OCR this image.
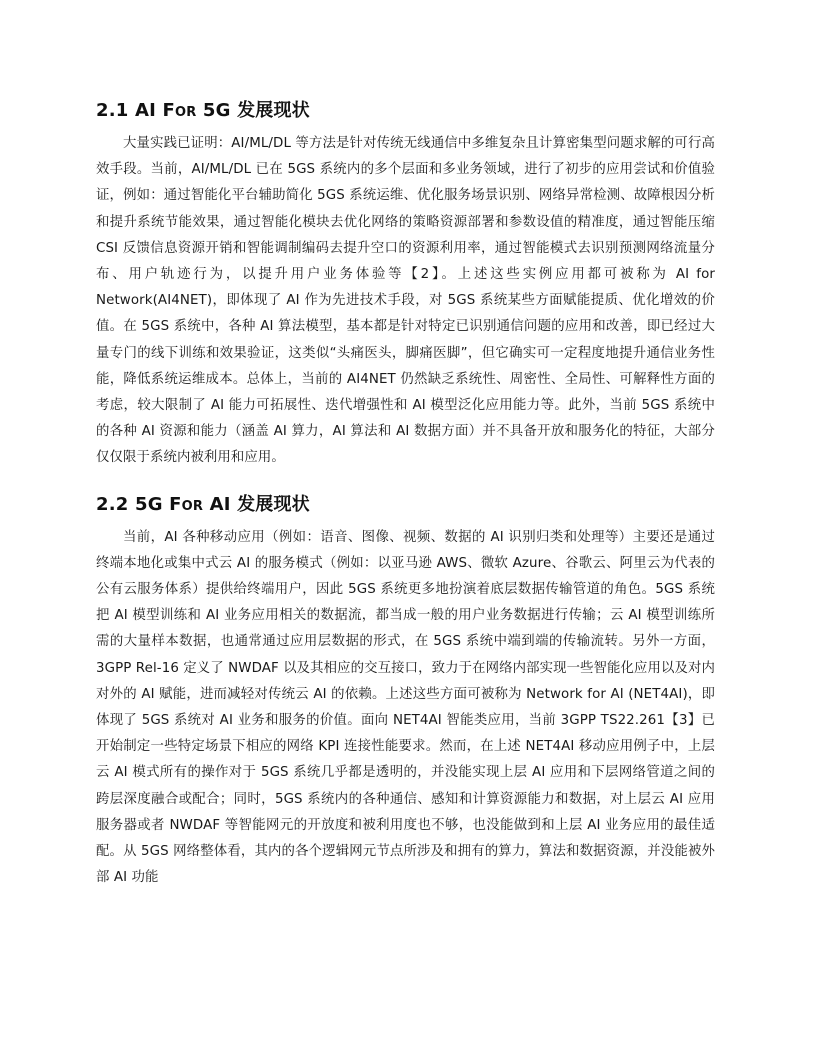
2.1 AI For 5G 发展现状

大量实践已证明：AI/ML/DL 等方法是针对传统无线通信中多维复杂且计算密集型问题求解的可行高效手段。当前，AI/ML/DL 已在 5GS 系统内的多个层面和多业务领域，进行了初步的应用尝试和价值验证，例如：通过智能化平台辅助简化 5GS 系统运维、优化服务场景识别、网络异常检测、故障根因分析和提升系统节能效果，通过智能化模块去优化网络的策略资源部署和参数设值的精准度，通过智能压缩 CSI 反馈信息资源开销和智能调制编码去提升空口的资源利用率，通过智能模式去识别预测网络流量分布、用户轨迹行为，以提升用户业务体验等【2】。上述这些实例应用都可被称为 AI for Network(AI4NET)，即体现了 AI 作为先进技术手段，对 5GS 系统某些方面赋能提质、优化增效的价值。在 5GS 系统中，各种 AI 算法模型，基本都是针对特定已识别通信问题的应用和改善，即已经过大量专门的线下训练和效果验证，这类似“头痛医头，脚痛医脚”，但它确实可一定程度地提升通信业务性能，降低系统运维成本。总体上，当前的 AI4NET 仍然缺乏系统性、周密性、全局性、可解释性方面的考虑，较大限制了 AI 能力可拓展性、迭代增强性和 AI 模型泛化应用能力等。此外，当前 5GS 系统中的各种 AI 资源和能力（涵盖 AI 算力，AI 算法和 AI 数据方面）并不具备开放和服务化的特征，大部分仅仅限于系统内被利用和应用。

2.2 5G For AI 发展现状

当前，AI 各种移动应用（例如：语音、图像、视频、数据的 AI 识别归类和处理等）主要还是通过终端本地化或集中式云 AI 的服务模式（例如：以亚马逊 AWS、微软 Azure、谷歌云、阿里云为代表的公有云服务体系）提供给终端用户，因此 5GS 系统更多地扮演着底层数据传输管道的角色。5GS 系统把 AI 模型训练和 AI 业务应用相关的数据流，都当成一般的用户业务数据进行传输；云 AI 模型训练所需的大量样本数据，也通常通过应用层数据的形式，在 5GS 系统中端到端的传输流转。另外一方面，3GPP Rel-16 定义了 NWDAF 以及其相应的交互接口，致力于在网络内部实现一些智能化应用以及对内对外的 AI 赋能，进而减轻对传统云 AI 的依赖。上述这些方面可被称为 Network for AI (NET4AI)，即体现了 5GS 系统对 AI 业务和服务的价值。面向 NET4AI 智能类应用，当前 3GPP TS22.261【3】已开始制定一些特定场景下相应的网络 KPI 连接性能要求。然而，在上述 NET4AI 移动应用例子中，上层云 AI 模式所有的操作对于 5GS 系统几乎都是透明的，并没能实现上层 AI 应用和下层网络管道之间的跨层深度融合或配合；同时，5GS 系统内的各种通信、感知和计算资源能力和数据，对上层云 AI 应用服务器或者 NWDAF 等智能网元的开放度和被利用度也不够，也没能做到和上层 AI 业务应用的最佳适配。从 5GS 网络整体看，其内的各个逻辑网元节点所涉及和拥有的算力，算法和数据资源，并没能被外部 AI 功能
